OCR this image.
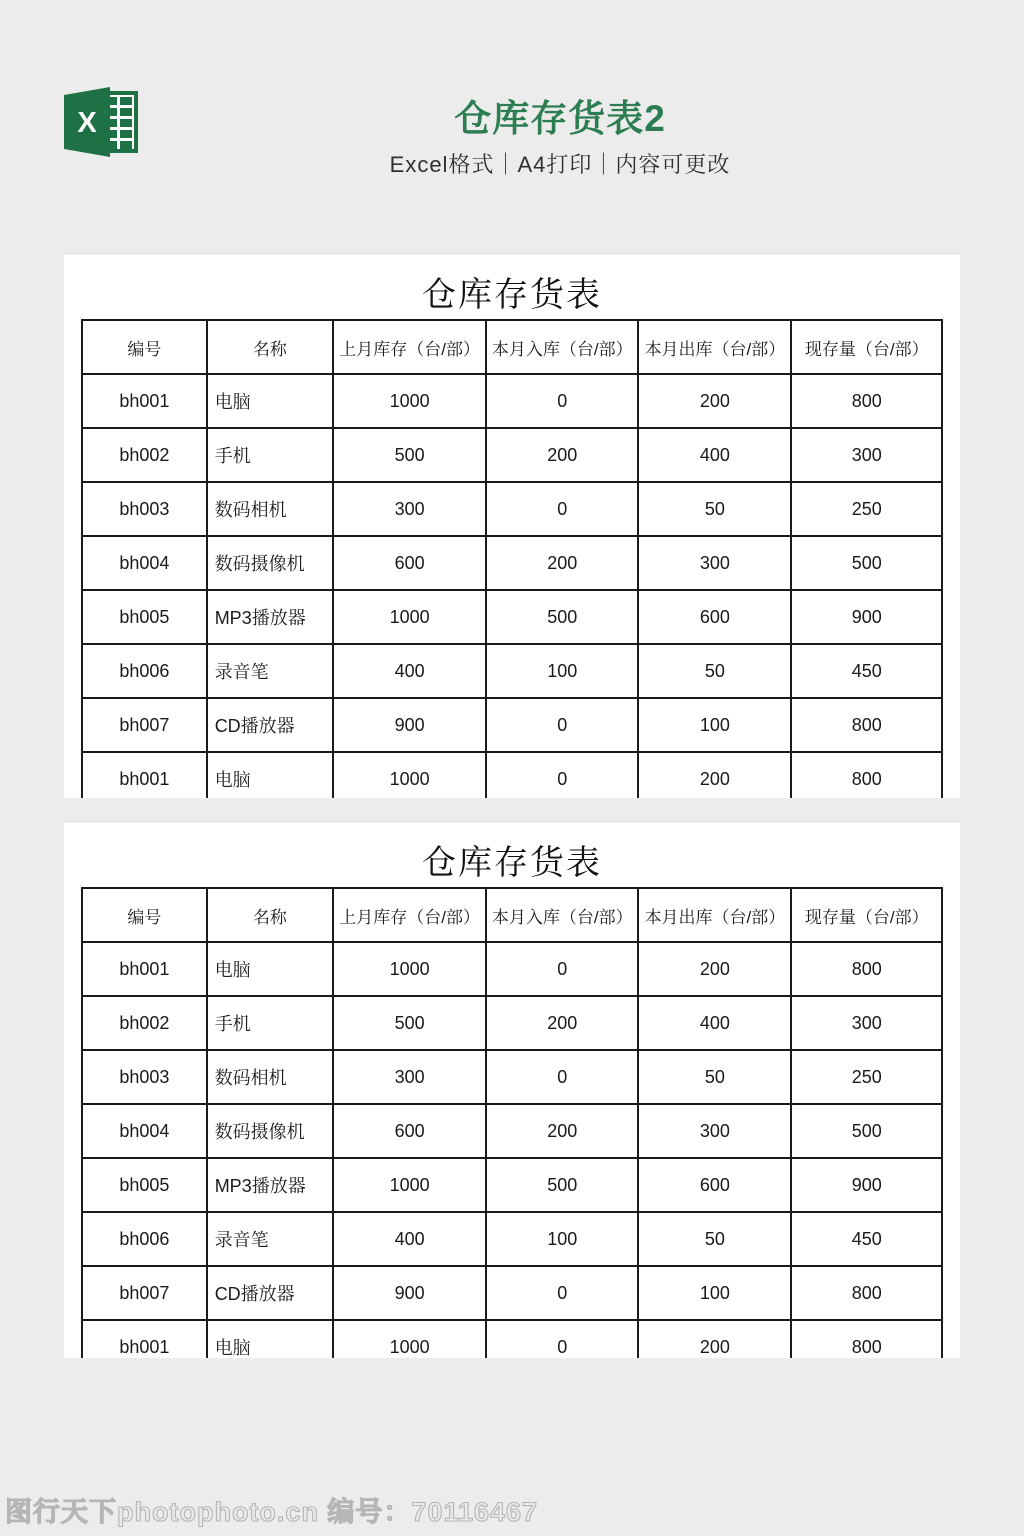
X	仓库存货表2
Excel格式｜A4打印｜内容可更改
仓库存货表
编号	名称	上月库存（台/部）	本月入库（台/部）	本月出库（台/部）	现存量（台/部）
bh001	电脑	1000	0	200	800
bh002	手机	500	200	400	300
bh003	数码相机	300	0	50	250
bh004	数码摄像机	600	200	300	500
bh005	MP3播放器	1000	500	600	900
bh006	录音笔	400	100	50	450
bh007	CD播放器	900	0	100	800
bh001	电脑	1000	0	200	800
仓库存货表
编号	名称	上月库存（台/部）	本月入库（台/部）	本月出库（台/部）	现存量（台/部）
bh001	电脑	1000	0	200	800
bh002	手机	500	200	400	300
bh003	数码相机	300	0	50	250
bh004	数码摄像机	600	200	300	500
bh005	MP3播放器	1000	500	600	900
bh006	录音笔	400	100	50	450
bh007	CD播放器	900	0	100	800
bh001	电脑	1000	0	200	800
图行天下photophoto.cn 编号：70116467
